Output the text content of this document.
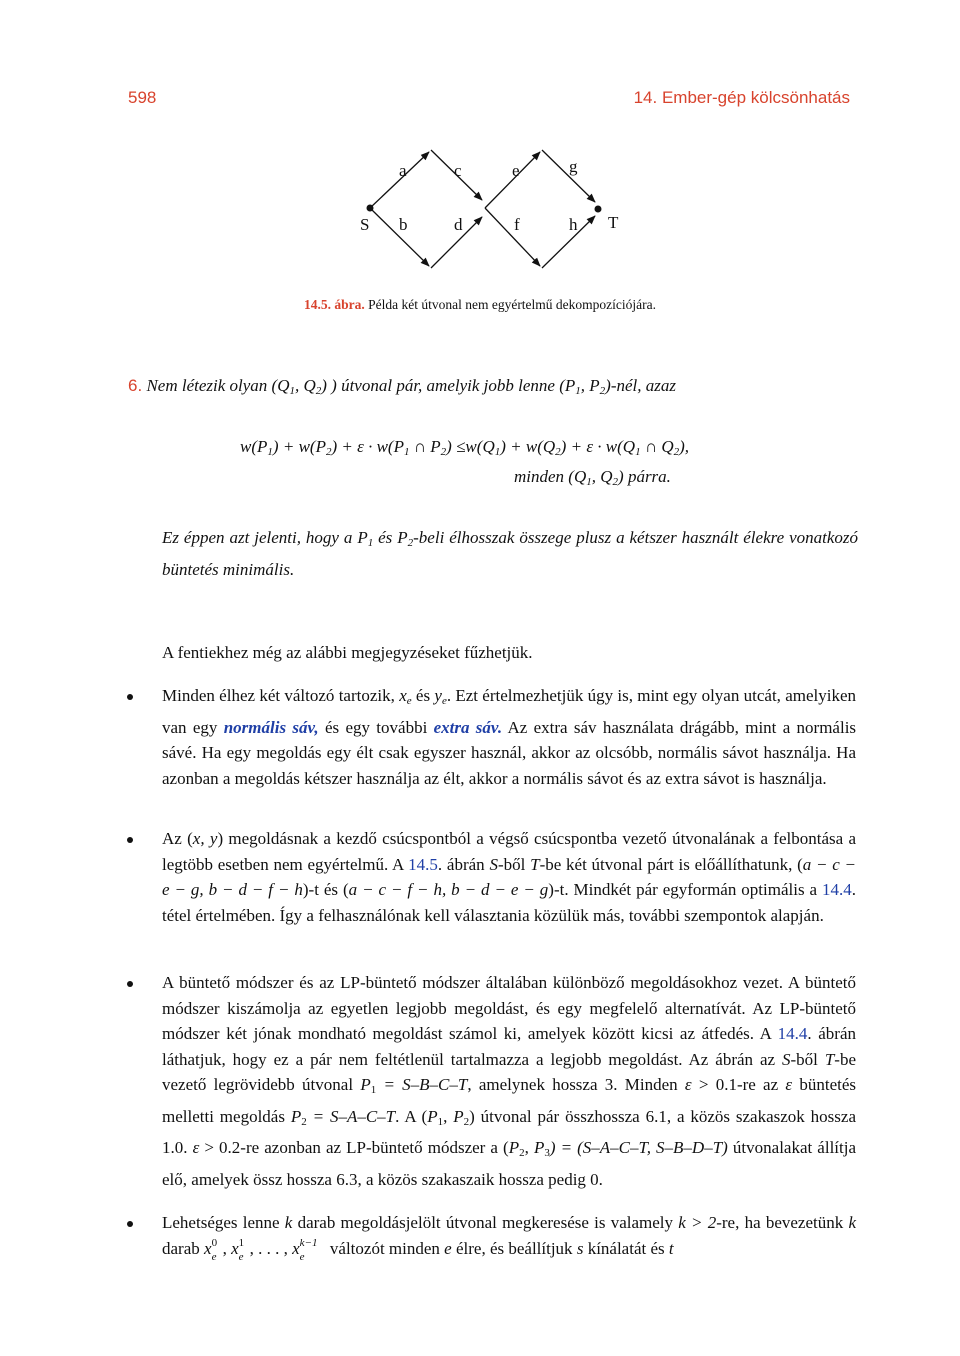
598	14. Ember-gép kölcsönhatás
S
a
b
c
d
e
f
g
h T
14.5. ábra. Példa két útvonal nem egyértelmű dekompozíciójára.
6. Nem létezik olyan ($Q_1$, $Q_2$) ) útvonal pár, amelyik jobb lenne ($P_1$, $P_2$)-nél, azaz
$w(P_1) + w(P_2) + \varepsilon \cdot w(P_1$ ∩ $P_2) \le w(Q_1) + w(Q_2) + \varepsilon \cdot w(Q_1$ ∩ $Q_2$),
minden ($Q_1$, $Q_2$) párra.
Ez éppen azt jelenti, hogy a $P_1$ és $P_2$-beli élhosszak összege plusz a kétszer használt élekre vonatkozó büntetés minimális.
A fentiekhez még az alábbi megjegyzéseket fűzhetjük.
Minden élhez két változó tartozik, $x_e$ és $y_e$. Ezt értelmezhetjük úgy is, mint egy olyan utcát, amelyiken van egy normális sáv, és egy további extra sáv. Az extra sáv használata drágább, mint a normális sávé. Ha egy megoldás egy élt csak egyszer használ, akkor az olcsóbb, normális sávot használja. Ha azonban a megoldás kétszer használja az élt, akkor a normális sávot és az extra sávot is használja.
Az (x, y) megoldásnak a kezdő csúcspontból a végső csúcspontba vezető útvonalának a felbontása a legtöbb esetben nem egyértelmű. A 14.5. ábrán S-ből T-be két útvonal párt is előállíthatunk, (a − c − e − g, b − d − f − h)-t és (a − c − f − h, b − d − e − g)-t. Mindkét pár egyformán optimális a 14.4. tétel értelmében. Így a felhasználónak kell választania közülük más, további szempontok alapján.
A büntető módszer és az LP-büntető módszer általában különböző megoldásokhoz vezet. A büntető módszer kiszámolja az egyetlen legjobb megoldást, és egy megfelelő alternatívát. Az LP-büntető módszer két jónak mondható megoldást számol ki, amelyek között kicsi az átfedés. A 14.4. ábrán láthatjuk, hogy ez a pár nem feltétlenül tartalmazza a legjobb megoldást. Az ábrán az S-ből T-be vezető legrövidebb útvonal $P_1 = S-B-C-T$, amelynek hossza 3. Minden ε > 0.1-re az ε büntetés melletti megoldás $P_2 = S-A-C-T$. A ($P_1$, $P_2$) útvonal pár összhossza 6.1, a közös szakaszok hossza 1.0. ε > 0.2-re azonban az LP-büntető módszer a ($P_2$, $P_3) = (S-A-C-T$, S–B–D–T) útvonalakat állítja elő, amelyek össz hossza 6.3, a közös szakaszaik hossza pedig 0.
Lehetséges lenne k darab megoldásjelölt útvonal megkeresése is valamely k > 2-re, ha bevezetünk k darab x 0
e , x 1
e , . . . , x k−1
e változót minden e élre, és beállítjuk s kínálatát és t
